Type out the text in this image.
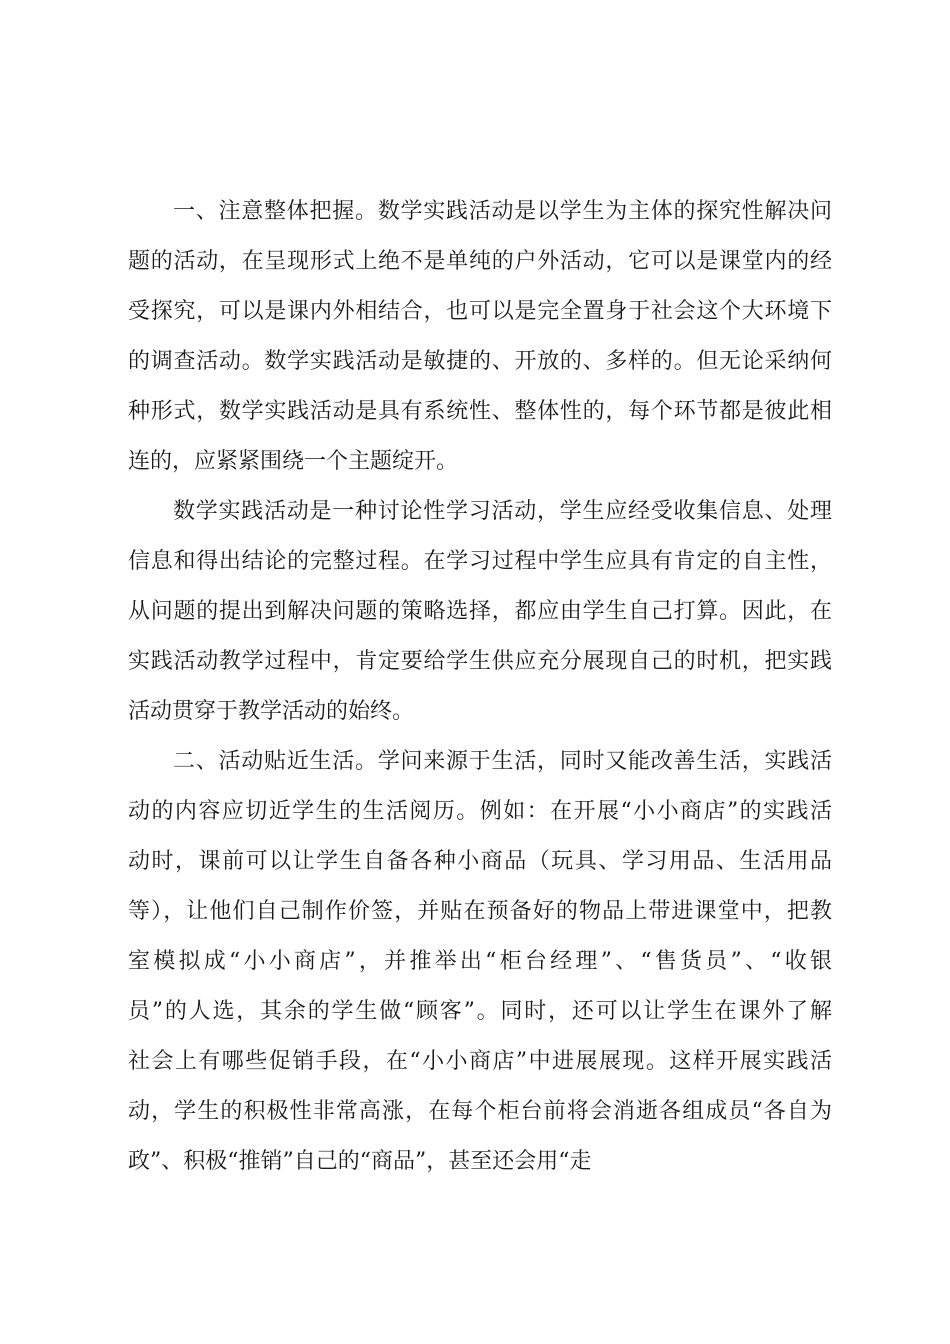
一、注意整体把握。数学实践活动是以学生为主体的探究性解决问
题的活动，在呈现形式上绝不是单纯的户外活动，它可以是课堂内的经
受探究，可以是课内外相结合，也可以是完全置身于社会这个大环境下
的调查活动。数学实践活动是敏捷的、开放的、多样的。但无论采纳何
种形式，数学实践活动是具有系统性、整体性的，每个环节都是彼此相
连的，应紧紧围绕一个主题绽开。
数学实践活动是一种讨论性学习活动，学生应经受收集信息、处理
信息和得出结论的完整过程。在学习过程中学生应具有肯定的自主性，
从问题的提出到解决问题的策略选择，都应由学生自己打算。因此，在
实践活动教学过程中，肯定要给学生供应充分展现自己的时机，把实践
活动贯穿于教学活动的始终。
二、活动贴近生活。学问来源于生活，同时又能改善生活，实践活
动的内容应切近学生的生活阅历。例如：在开展“小小商店”的实践活
动时，课前可以让学生自备各种小商品（玩具、学习用品、生活用品
等），让他们自己制作价签，并贴在预备好的物品上带进课堂中，把教
室模拟成“小小商店”，并推举出“柜台经理”、“售货员”、“收银
员”的人选，其余的学生做“顾客”。同时，还可以让学生在课外了解
社会上有哪些促销手段，在“小小商店”中进展展现。这样开展实践活
动，学生的积极性非常高涨，在每个柜台前将会消逝各组成员“各自为
政”、积极“推销”自己的“商品”，甚至还会用“走
